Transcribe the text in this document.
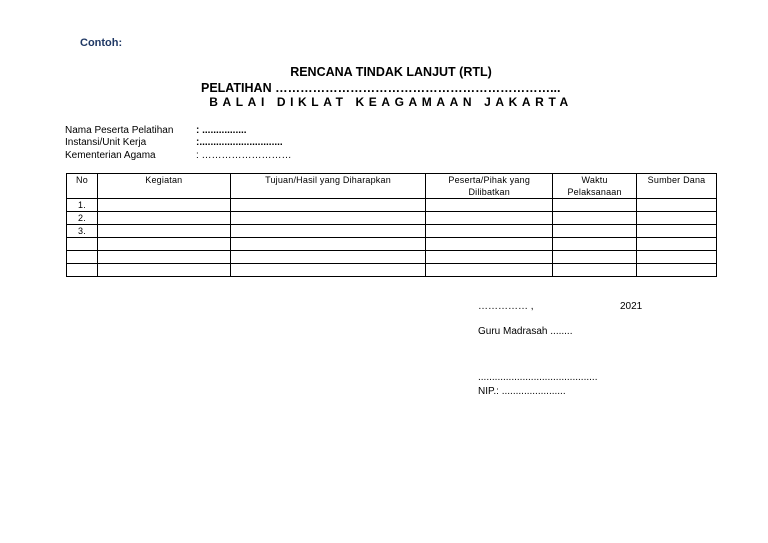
Contoh:
RENCANA TINDAK LANJUT (RTL)
PELATIHAN …………………………………………………………...
BALAI DIKLAT KEAGAMAAN JAKARTA
Nama Peserta Pelatihan : ................
Instansi/Unit Kerja	:..............................
Kementerian Agama	: ………………………
No	Kegiatan	Tujuan/Hasil yang Diharapkan	Peserta/Pihak yang Dilibatkan	Waktu Pelaksanaan	Sumber Dana
1.					
2.					
3.					

…………… ,	2021
Guru Madrasah ........
...........................................
NIP.: .......................
